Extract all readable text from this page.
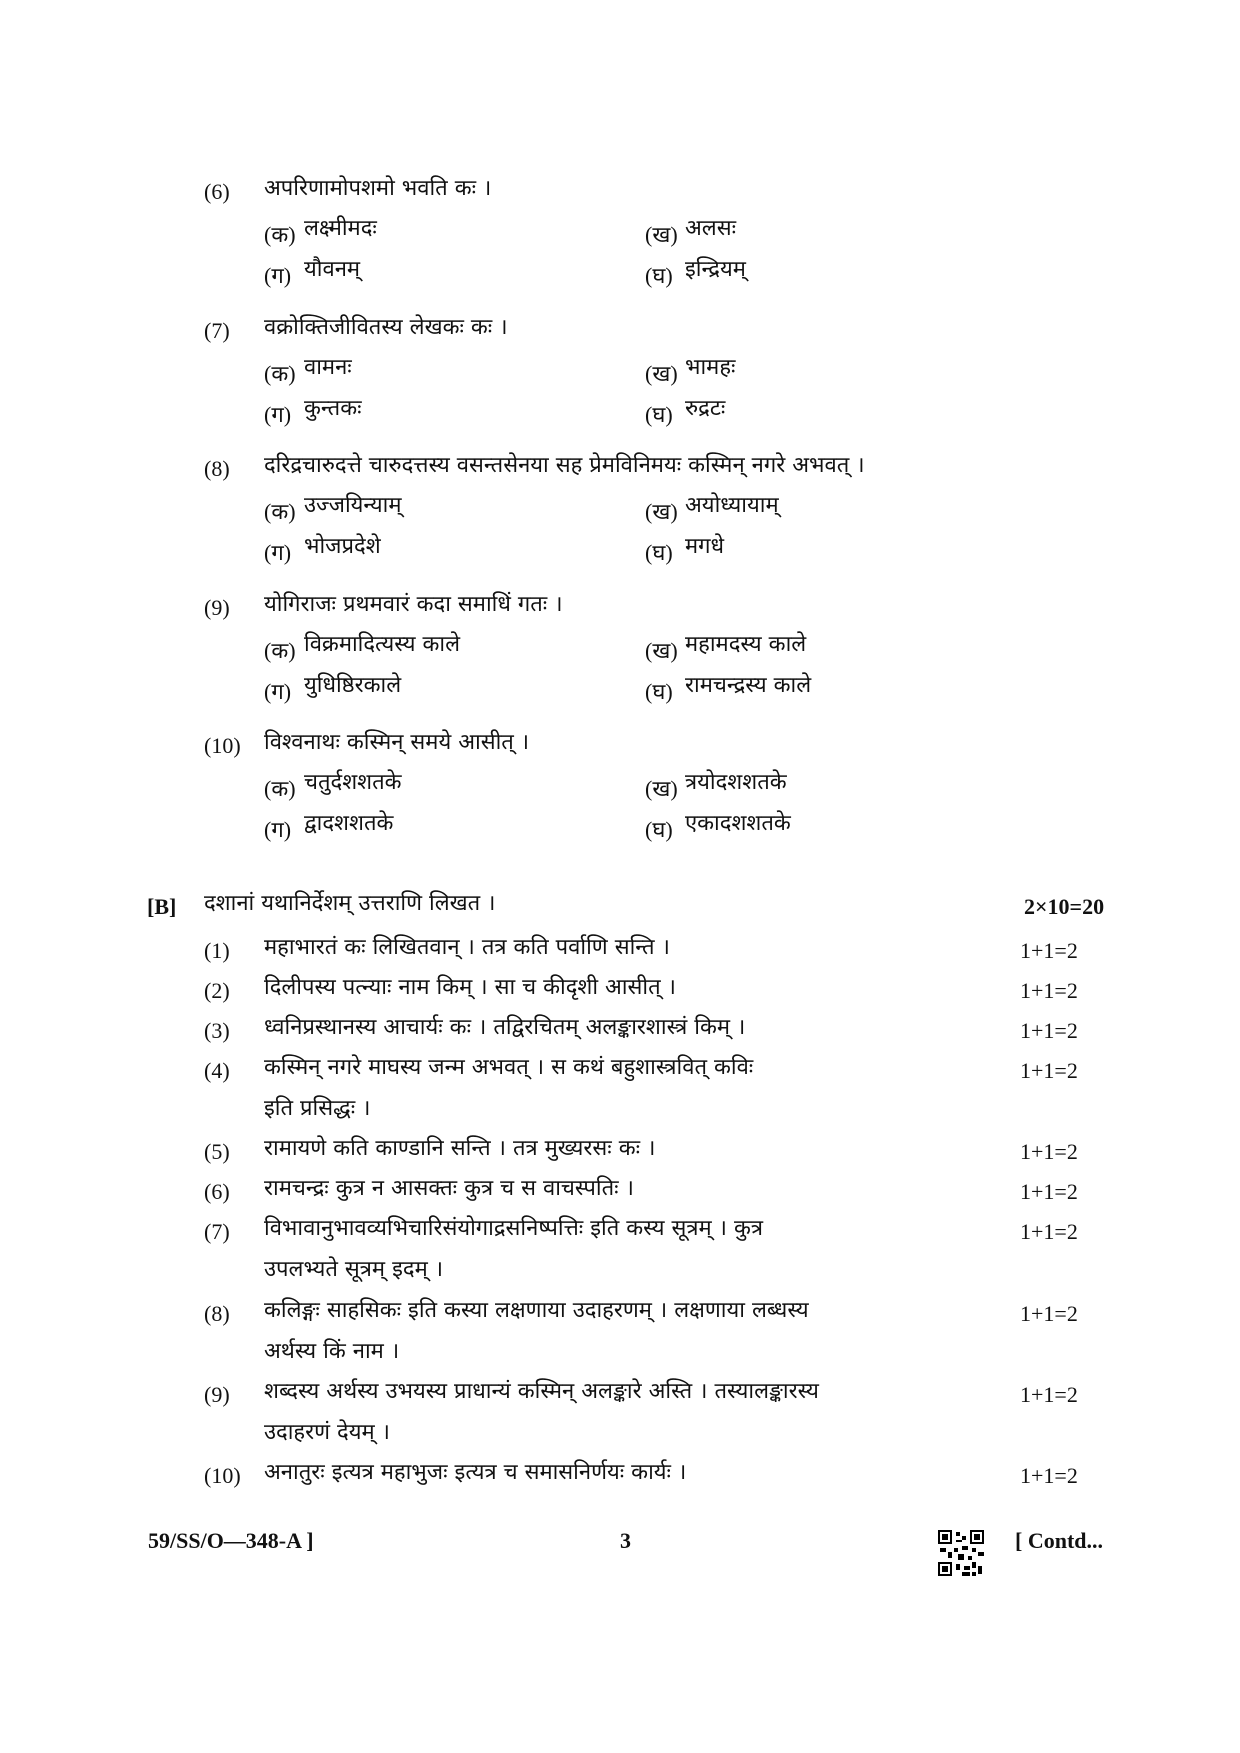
(6) अपरिणामोपशमो भवति कः ।
(क) लक्ष्मीमदः	(ख) अलसः
(ग) यौवनम्	(घ) इन्द्रियम्
(7) वक्रोक्तिजीवितस्य लेखकः कः ।
(क) वामनः	(ख) भामहः
(ग) कुन्तकः	(घ) रुद्रटः
(8) दरिद्रचारुदत्ते चारुदत्तस्य वसन्तसेनया सह प्रेमविनिमयः कस्मिन् नगरे अभवत् ।
(क) उज्जयिन्याम्	(ख) अयोध्यायाम्
(ग) भोजप्रदेशे	(घ) मगधे
(9) योगिराजः प्रथमवारं कदा समाधिं गतः ।
(क) विक्रमादित्यस्य काले	(ख) महामदस्य काले
(ग) युधिष्ठिरकाले	(घ) रामचन्द्रस्य काले
(10) विश्वनाथः कस्मिन् समये आसीत् ।
(क) चतुर्दशशतके	(ख) त्रयोदशशतके
(ग) द्वादशशतके	(घ) एकादशशतके
[B] दशानां यथानिर्देशम् उत्तराणि लिखत ।	2×10=20
(1) महाभारतं कः लिखितवान् । तत्र कति पर्वाणि सन्ति ।	1+1=2
(2) दिलीपस्य पत्न्याः नाम किम् । सा च कीदृशी आसीत् ।	1+1=2
(3) ध्वनिप्रस्थानस्य आचार्यः कः । तद्विरचितम् अलङ्कारशास्त्रं किम् ।	1+1=2
(4) कस्मिन् नगरे माघस्य जन्म अभवत् । स कथं बहुशास्त्रवित् कविः
इति प्रसिद्धः ।
1+1=2
(5) रामायणे कति काण्डानि सन्ति । तत्र मुख्यरसः कः ।	1+1=2
(6) रामचन्द्रः कुत्र न आसक्तः कुत्र च स वाचस्पतिः ।	1+1=2
(7) विभावानुभावव्यभिचारिसंयोगाद्रसनिष्पत्तिः इति कस्य सूत्रम् । कुत्र
उपलभ्यते सूत्रम् इदम् ।
1+1=2
(8) कलिङ्गः साहसिकः इति कस्या लक्षणाया उदाहरणम् । लक्षणाया लब्धस्य
अर्थस्य किं नाम ।
1+1=2
(9) शब्दस्य अर्थस्य उभयस्य प्राधान्यं कस्मिन् अलङ्कारे अस्ति । तस्यालङ्कारस्य
उदाहरणं देयम् ।
1+1=2
(10) अनातुरः इत्यत्र महाभुजः इत्यत्र च समासनिर्णयः कार्यः ।	1+1=2
59/SS/O—348-A ]	3	[ Contd...
